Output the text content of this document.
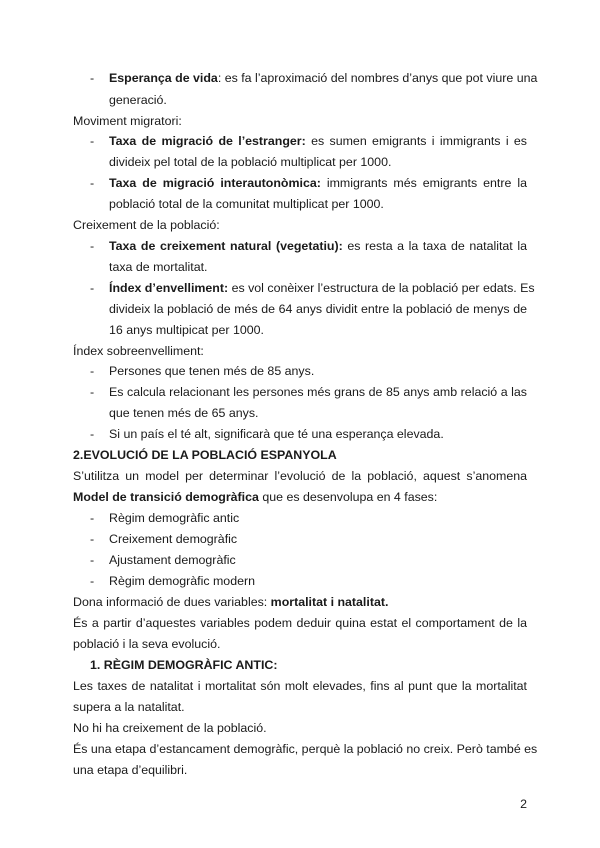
- Esperança de vida: es fa l’aproximació del nombres d’anys que pot viure una
generació.
Moviment migratori:
- Taxa de migració de l’estranger: es sumen emigrants i immigrants i es
divideix pel total de la població multiplicat per 1000.
- Taxa de migració interautonòmica: immigrants més emigrants entre la
població total de la comunitat multiplicat per 1000.
Creixement de la població:
- Taxa de creixement natural (vegetatiu): es resta a la taxa de natalitat la
taxa de mortalitat.
- Índex d’envelliment: es vol conèixer l’estructura de la població per edats. Es
divideix la població de més de 64 anys dividit entre la població de menys de
16 anys multipicat per 1000.
Índex sobreenvelliment:
- Persones que tenen més de 85 anys.
- Es calcula relacionant les persones més grans de 85 anys amb relació a las
que tenen més de 65 anys.
- Si un país el té alt, significarà que té una esperança elevada.
2.EVOLUCIÓ DE LA POBLACIÓ ESPANYOLA
S’utilitza un model per determinar l’evolució de la població, aquest s’anomena
Model de transició demogràfica que es desenvolupa en 4 fases:
- Règim demogràfic antic
- Creixement demogràfic
- Ajustament demogràfic
- Règim demogràfic modern
Dona informació de dues variables: mortalitat i natalitat.
És a partir d’aquestes variables podem deduir quina estat el comportament de la
població i la seva evolució.
1. RÈGIM DEMOGRÀFIC ANTIC:
Les taxes de natalitat i mortalitat són molt elevades, fins al punt que la mortalitat
supera a la natalitat.
No hi ha creixement de la població.
És una etapa d’estancament demogràfic, perquè la població no creix. Però també es
una etapa d’equilibri.
2
